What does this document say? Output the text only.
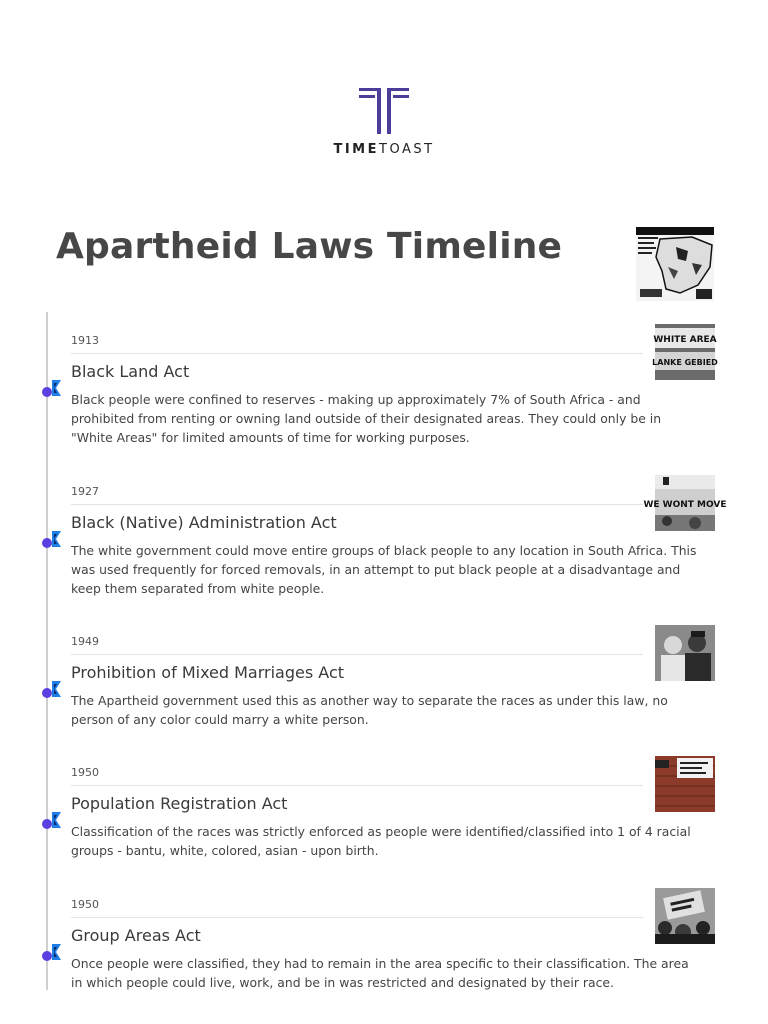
TIMETOAST
Apartheid Laws Timeline
1913
Black Land Act

Black people were confined to reserves - making up approximately 7% of South Africa - and prohibited from renting or owning land outside of their designated areas. They could only be in "White Areas" for limited amounts of time for working purposes.

WHITE AREA
LANKE GEBIED
1927
Black (Native) Administration Act

The white government could move entire groups of black people to any location in South Africa. This was used frequently for forced removals, in an attempt to put black people at a disadvantage and keep them separated from white people.

WE WONT MOVE
1949
Prohibition of Mixed Marriages Act

The Apartheid government used this as another way to separate the races as under this law, no person of any color could marry a white person.

1950
Population Registration Act

Classification of the races was strictly enforced as people were identified/classified into 1 of 4 racial groups - bantu, white, colored, asian - upon birth.

1950
Group Areas Act

Once people were classified, they had to remain in the area specific to their classification. The area in which people could live, work, and be in was restricted and designated by their race.
